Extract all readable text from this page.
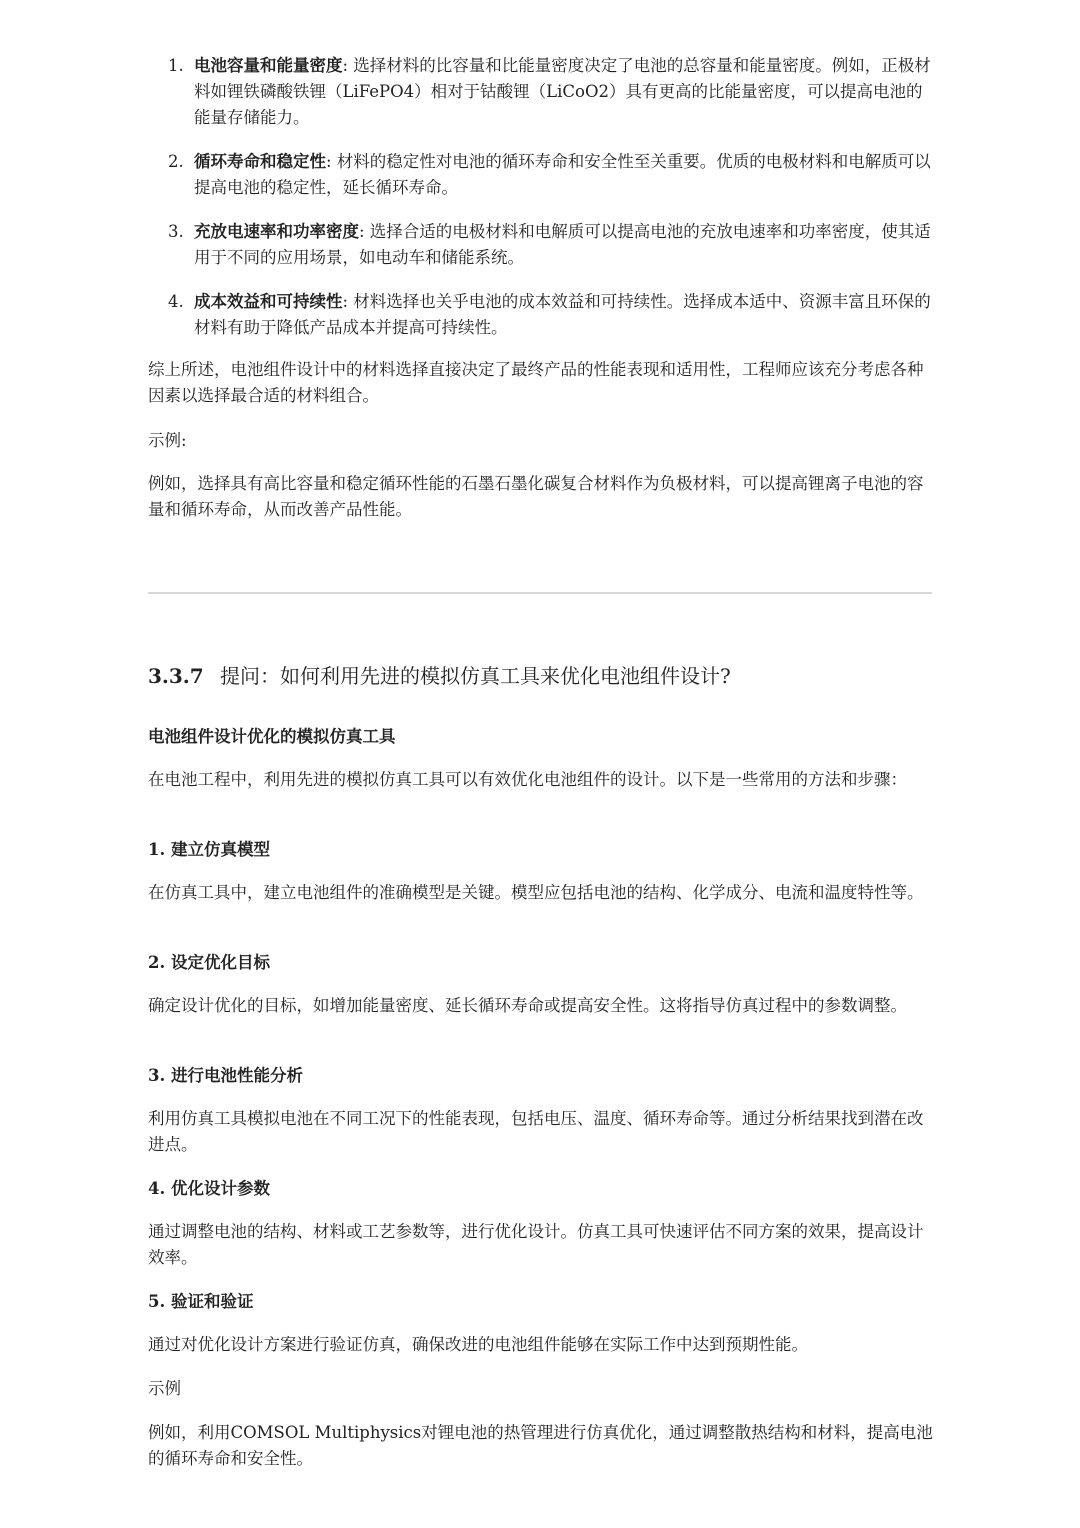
1. 电池容量和能量密度: 选择材料的比容量和比能量密度决定了电池的总容量和能量密度。例如，正极材料如锂铁磷酸铁锂（LiFePO4）相对于钴酸锂（LiCoO2）具有更高的比能量密度，可以提高电池的能量存储能力。
2. 循环寿命和稳定性: 材料的稳定性对电池的循环寿命和安全性至关重要。优质的电极材料和电解质可以提高电池的稳定性，延长循环寿命。
3. 充放电速率和功率密度: 选择合适的电极材料和电解质可以提高电池的充放电速率和功率密度，使其适用于不同的应用场景，如电动车和储能系统。
4. 成本效益和可持续性: 材料选择也关乎电池的成本效益和可持续性。选择成本适中、资源丰富且环保的材料有助于降低产品成本并提高可持续性。

综上所述，电池组件设计中的材料选择直接决定了最终产品的性能表现和适用性，工程师应该充分考虑各种因素以选择最合适的材料组合。

示例:

例如，选择具有高比容量和稳定循环性能的石墨石墨化碳复合材料作为负极材料，可以提高锂离子电池的容量和循环寿命，从而改善产品性能。

3.3.7 提问：如何利用先进的模拟仿真工具来优化电池组件设计?
电池组件设计优化的模拟仿真工具

在电池工程中，利用先进的模拟仿真工具可以有效优化电池组件的设计。以下是一些常用的方法和步骤：

1. 建立仿真模型

在仿真工具中，建立电池组件的准确模型是关键。模型应包括电池的结构、化学成分、电流和温度特性等。

2. 设定优化目标

确定设计优化的目标，如增加能量密度、延长循环寿命或提高安全性。这将指导仿真过程中的参数调整。

3. 进行电池性能分析

利用仿真工具模拟电池在不同工况下的性能表现，包括电压、温度、循环寿命等。通过分析结果找到潜在改进点。

4. 优化设计参数

通过调整电池的结构、材料或工艺参数等，进行优化设计。仿真工具可快速评估不同方案的效果，提高设计效率。

5. 验证和验证

通过对优化设计方案进行验证仿真，确保改进的电池组件能够在实际工作中达到预期性能。

示例

例如，利用COMSOL Multiphysics对锂电池的热管理进行仿真优化，通过调整散热结构和材料，提高电池的循环寿命和安全性。
